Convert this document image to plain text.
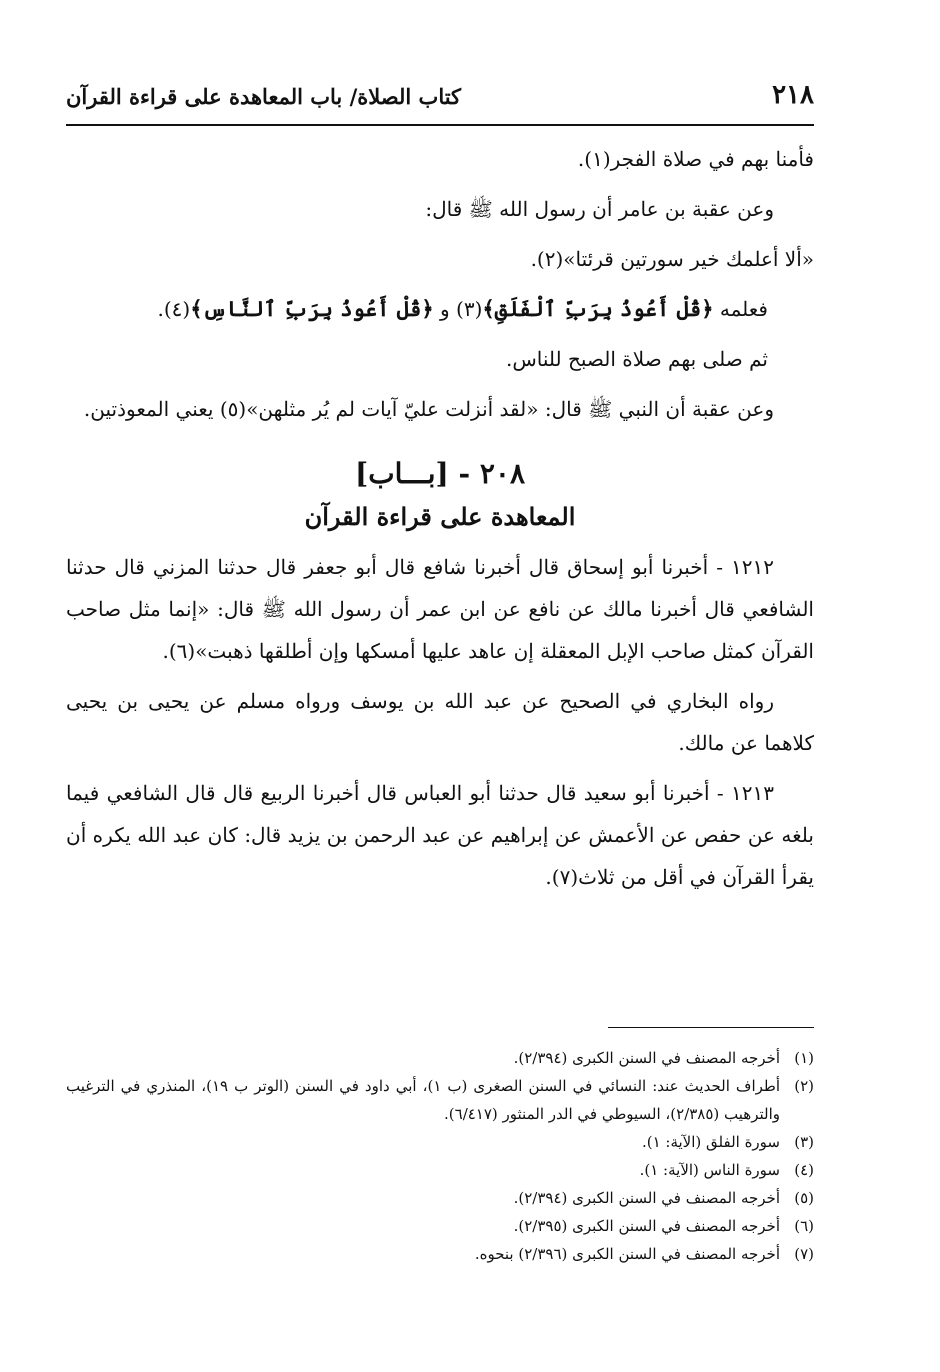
٢١٨
كتاب الصلاة/ باب المعاهدة على قراءة القرآن

فأمنا بهم في صلاة الفجر(١).

وعن عقبة بن عامر أن رسول الله ﷺ قال:

«ألا أعلمك خير سورتين قرئتا»(٢).

فعلمه ﴿قُلْ أَعُوذُ بِرَبِّ ٱلْفَلَقِ﴾(٣) و ﴿قُلْ أَعُوذُ بِرَبِّ ٱلنَّاسِ﴾(٤).

ثم صلى بهم صلاة الصبح للناس.

وعن عقبة أن النبي ﷺ قال: «لقد أنزلت عليّ آيات لم يُر مثلهن»(٥) يعني المعوذتين.

٢٠٨ - [بـــاب]
المعاهدة على قراءة القرآن

١٢١٢ - أخبرنا أبو إسحاق قال أخبرنا شافع قال أبو جعفر قال حدثنا المزني قال حدثنا الشافعي قال أخبرنا مالك عن نافع عن ابن عمر أن رسول الله ﷺ قال: «إنما مثل صاحب القرآن كمثل صاحب الإبل المعقلة إن عاهد عليها أمسكها وإن أطلقها ذهبت»(٦).

رواه البخاري في الصحيح عن عبد الله بن يوسف ورواه مسلم عن يحيى بن يحيى كلاهما عن مالك.

١٢١٣ - أخبرنا أبو سعيد قال حدثنا أبو العباس قال أخبرنا الربيع قال قال الشافعي فيما بلغه عن حفص عن الأعمش عن إبراهيم عن عبد الرحمن بن يزيد قال: كان عبد الله يكره أن يقرأ القرآن في أقل من ثلاث(٧).

(١)
أخرجه المصنف في السنن الكبرى (٢/٣٩٤).
(٢)
أطراف الحديث عند: النسائي في السنن الصغرى (ب ١)، أبي داود في السنن (الوتر ب ١٩)، المنذري في الترغيب والترهيب (٢/٣٨٥)، السيوطي في الدر المنثور (٦/٤١٧).
(٣)
سورة الفلق (الآية: ١).
(٤)
سورة الناس (الآية: ١).
(٥)
أخرجه المصنف في السنن الكبرى (٢/٣٩٤).
(٦)
أخرجه المصنف في السنن الكبرى (٢/٣٩٥).
(٧)
أخرجه المصنف في السنن الكبرى (٢/٣٩٦) بنحوه.
